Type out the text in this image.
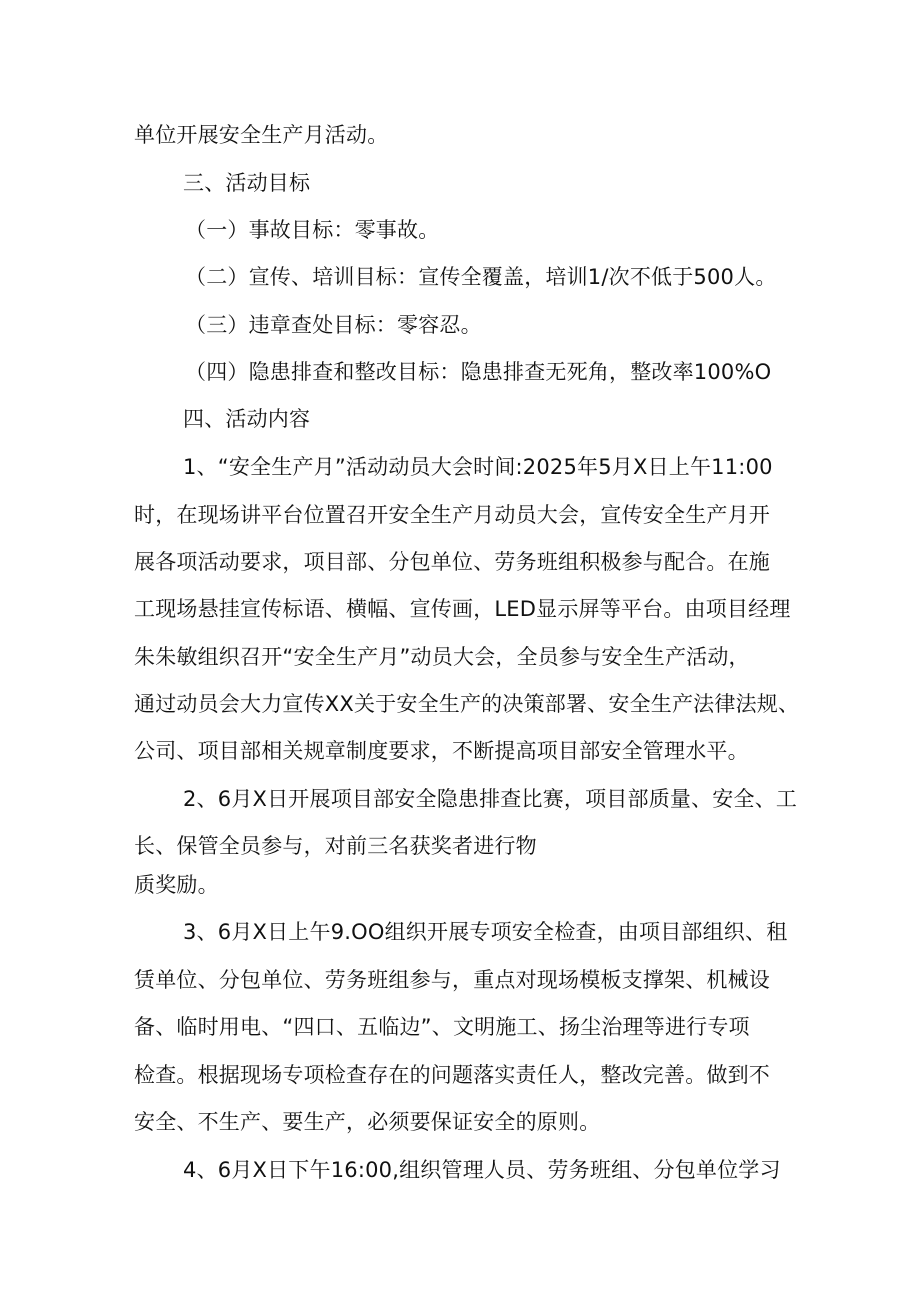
单位开展安全生产月活动。
三、活动目标
（一）事故目标：零事故。
（二）宣传、培训目标：宣传全覆盖，培训1/次不低于500人。
（三）违章查处目标：零容忍。
（四）隐患排查和整改目标：隐患排查无死角，整改率100%O
四、活动内容
1、“安全生产月”活动动员大会时间:2025年5月X日上午11:00
时，在现场讲平台位置召开安全生产月动员大会，宣传安全生产月开
展各项活动要求，项目部、分包单位、劳务班组积极参与配合。在施
工现场悬挂宣传标语、横幅、宣传画，LED显示屏等平台。由项目经理
朱朱敏组织召开“安全生产月”动员大会，全员参与安全生产活动，
通过动员会大力宣传XX关于安全生产的决策部署、安全生产法律法规、
公司、项目部相关规章制度要求，不断提高项目部安全管理水平。
2、6月X日开展项目部安全隐患排查比赛，项目部质量、安全、工
长、保管全员参与，对前三名获奖者进行物
质奖励。
3、6月X日上午9.OO组织开展专项安全检查，由项目部组织、租
赁单位、分包单位、劳务班组参与，重点对现场模板支撑架、机械设
备、临时用电、“四口、五临边”、文明施工、扬尘治理等进行专项
检查。根据现场专项检查存在的问题落实责任人，整改完善。做到不
安全、不生产、要生产，必须要保证安全的原则。
4、6月X日下午16:00,组织管理人员、劳务班组、分包单位学习
